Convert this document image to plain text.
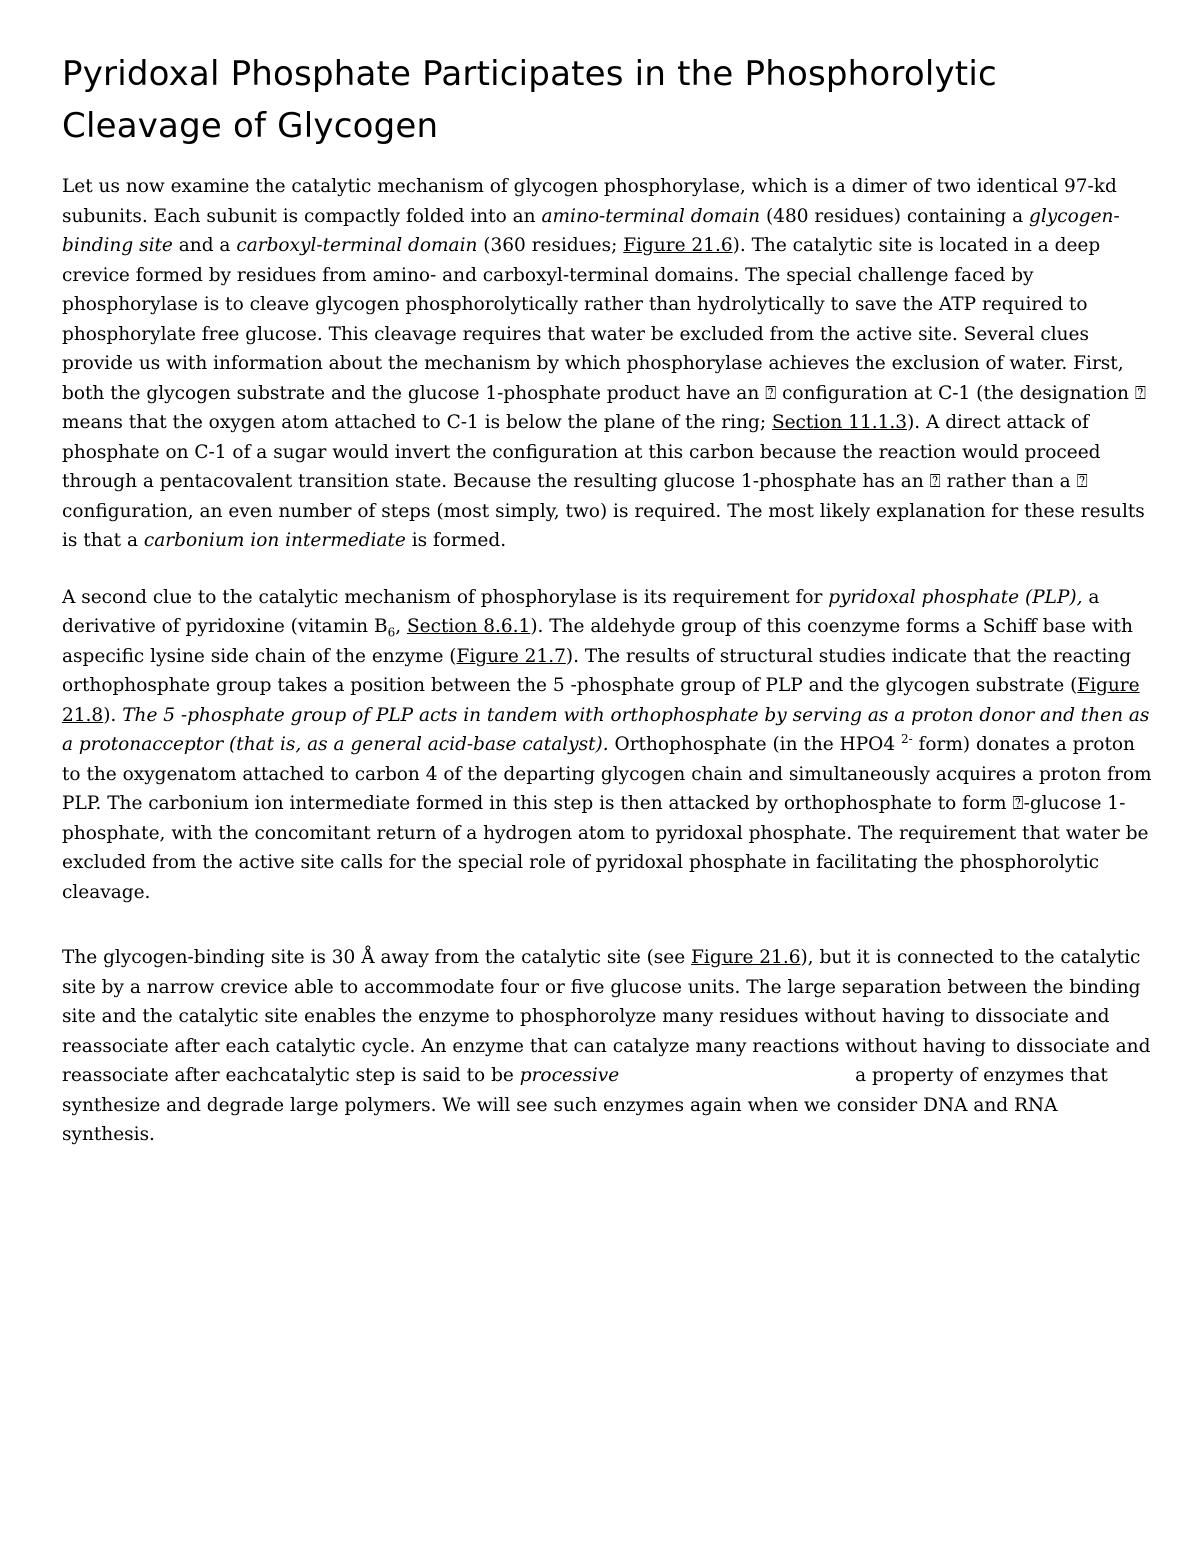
Pyridoxal Phosphate Participates in the Phosphorolytic Cleavage of Glycogen

Let us now examine the catalytic mechanism of glycogen phosphorylase, which is a dimer of two identical 97-kd subunits. Each subunit is compactly folded into an amino-terminal domain (480 residues) containing a glycogen-binding site and a carboxyl-terminal domain (360 residues; Figure 21.6). The catalytic site is located in a deep crevice formed by residues from amino- and carboxyl-terminal domains. The special challenge faced by phosphorylase is to cleave glycogen phosphorolytically rather than hydrolytically to save the ATP required to phosphorylate free glucose. This cleavage requires that water be excluded from the active site. Several clues provide us with information about the mechanism by which phosphorylase achieves the exclusion of water. First, both the glycogen substrate and the glucose 1-phosphate product have an ⍰ configuration at C-1 (the designation ⍰ means that the oxygen atom attached to C-1 is below the plane of the ring; Section 11.1.3). A direct attack of phosphate on C-1 of a sugar would invert the configuration at this carbon because the reaction would proceed through a pentacovalent transition state. Because the resulting glucose 1-phosphate has an ⍰ rather than a ⍰ configuration, an even number of steps (most simply, two) is required. The most likely explanation for these results is that a carbonium ion intermediate is formed.

A second clue to the catalytic mechanism of phosphorylase is its requirement for pyridoxal phosphate (PLP), a derivative of pyridoxine (vitamin $B_6$, Section 8.6.1). The aldehyde group of this coenzyme forms a Schiff base with aspecific lysine side chain of the enzyme (Figure 21.7). The results of structural studies indicate that the reacting orthophosphate group takes a position between the 5 -phosphate group of PLP and the glycogen substrate (Figure 21.8). The 5 -phosphate group of PLP acts in tandem with orthophosphate by serving as a proton donor and then as a protonacceptor (that is, as a general acid-base catalyst). Orthophosphate (in the HPO4 $^{2-}$ form) donates a proton to the oxygenatom attached to carbon 4 of the departing glycogen chain and simultaneously acquires a proton from PLP. The carbonium ion intermediate formed in this step is then attacked by orthophosphate to form ⍰-glucose 1-phosphate, with the concomitant return of a hydrogen atom to pyridoxal phosphate. The requirement that water be excluded from the active site calls for the special role of pyridoxal phosphate in facilitating the phosphorolytic cleavage.

The glycogen-binding site is 30 Å away from the catalytic site (see Figure 21.6), but it is connected to the catalytic site by a narrow crevice able to accommodate four or five glucose units. The large separation between the binding site and the catalytic site enables the enzyme to phosphorolyze many residues without having to dissociate and reassociate after each catalytic cycle. An enzyme that can catalyze many reactions without having to dissociate and reassociate after eachcatalytic step is said to be processive	a property of enzymes that synthesize and degrade large polymers. We will see such enzymes again when we consider DNA and RNA synthesis.
